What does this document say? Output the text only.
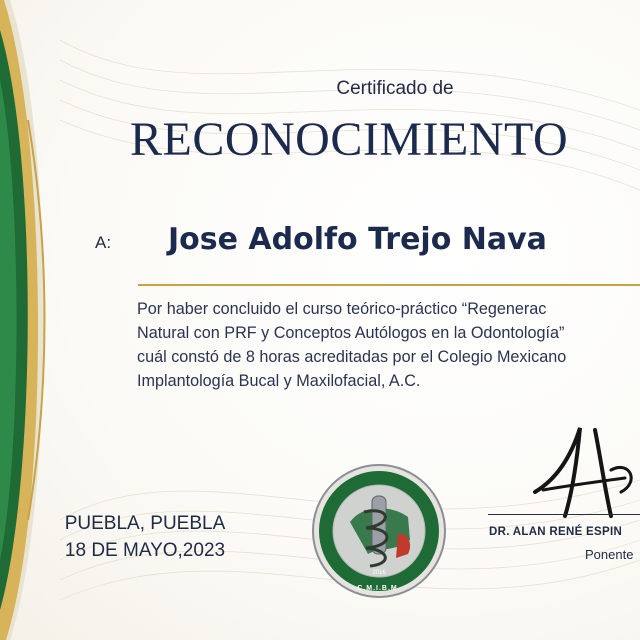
Certificado de
RECONOCIMIENTO
A: Jose Adolfo Trejo Nava
Por haber concluido el curso teórico-práctico “Regenerac
Natural con PRF y Conceptos Autólogos en la Odontología”
cuál constó de 8 horas acreditadas por el Colegio Mexicano
Implantología Bucal y Maxilofacial, A.C.
PUEBLA, PUEBLA
18 DE MAYO,2023
2016
C.M.I.B.M.
DR. ALAN RENÉ ESPIN
Ponente
